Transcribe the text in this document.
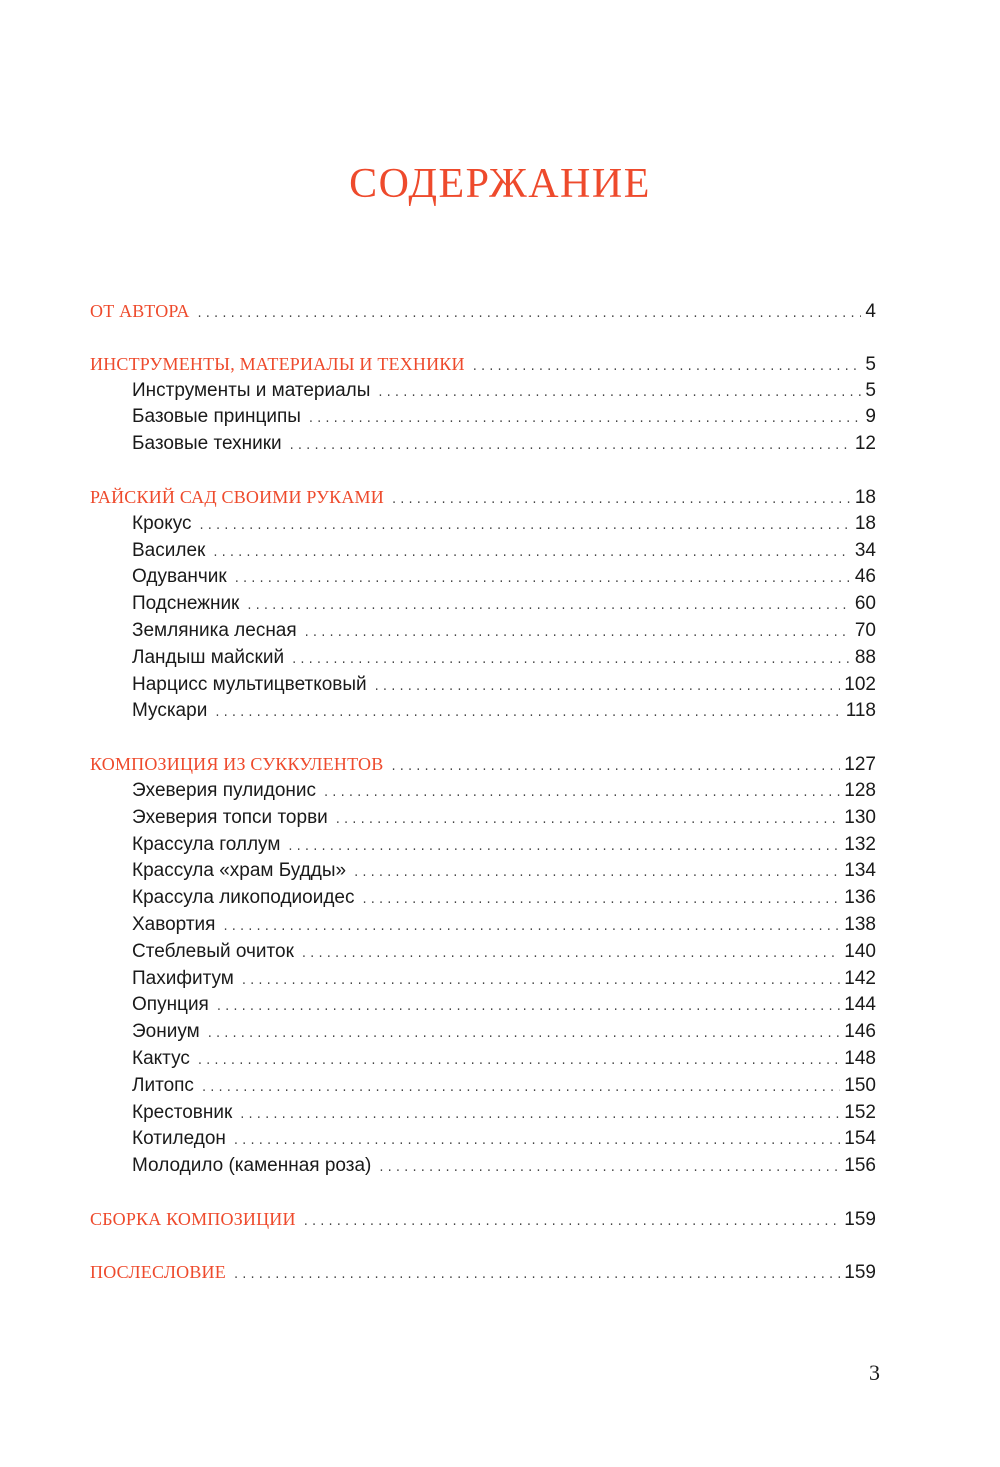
СОДЕРЖАНИЕ
ОТ АВТОРА . . .	4
ИНСТРУМЕНТЫ, МАТЕРИАЛЫ И ТЕХНИКИ . . .	5
Инструменты и материалы . . .	5
Базовые принципы . . .	9
Базовые техники . . .	12
РАЙСКИЙ САД СВОИМИ РУКАМИ . . .	18
Крокус . . .	18
Василек . . .	34
Одуванчик . . .	46
Подснежник . . .	60
Земляника лесная . . .	70
Ландыш майский . . .	88
Нарцисс мультицветковый . . .	102
Мускари . . .	118
КОМПОЗИЦИЯ ИЗ СУККУЛЕНТОВ . . .	127
Эхеверия пулидонис . . .	128
Эхеверия топси торви . . .	130
Крассула голлум . . .	132
Крассула «храм Будды» . . .	134
Крассула ликоподиоидес . . .	136
Хавортия . . .	138
Стеблевый очиток . . .	140
Пахифитум . . .	142
Опунция . . .	144
Эониум . . .	146
Кактус . . .	148
Литопс . . .	150
Крестовник . . .	152
Котиледон . . .	154
Молодило (каменная роза) . . .	156
СБОРКА КОМПОЗИЦИИ . . .	159
ПОСЛЕСЛОВИЕ . . .	159
3
